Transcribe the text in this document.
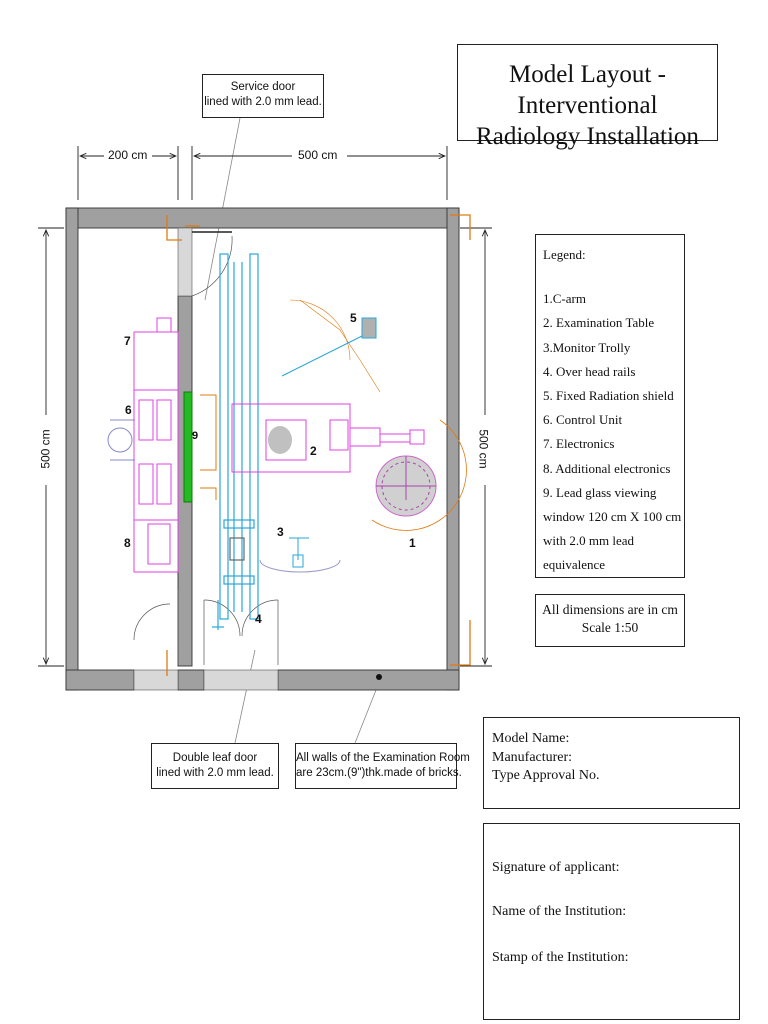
Model Layout - Interventional
Radiology Installation
Service door
lined with 2.0 mm lead.
Double leaf door
lined with 2.0 mm lead.
All walls of the Examination Room
are 23cm.(9")thk.made of bricks.
200 cm	500 cm
500 cm	500 cm
1
2
3
4
5
6
7
8
9
Legend:
1.C-arm
2. Examination Table
3.Monitor Trolly
4. Over head rails
5. Fixed Radiation shield
6. Control Unit
7. Electronics
8. Additional electronics
9. Lead glass viewing
window 120 cm X 100 cm
with 2.0 mm lead
equivalence
All dimensions are in cm
Scale 1:50
Model Name:
Manufacturer:
Type Approval No.
Signature of applicant:
Name of the Institution:
Stamp of the Institution:
